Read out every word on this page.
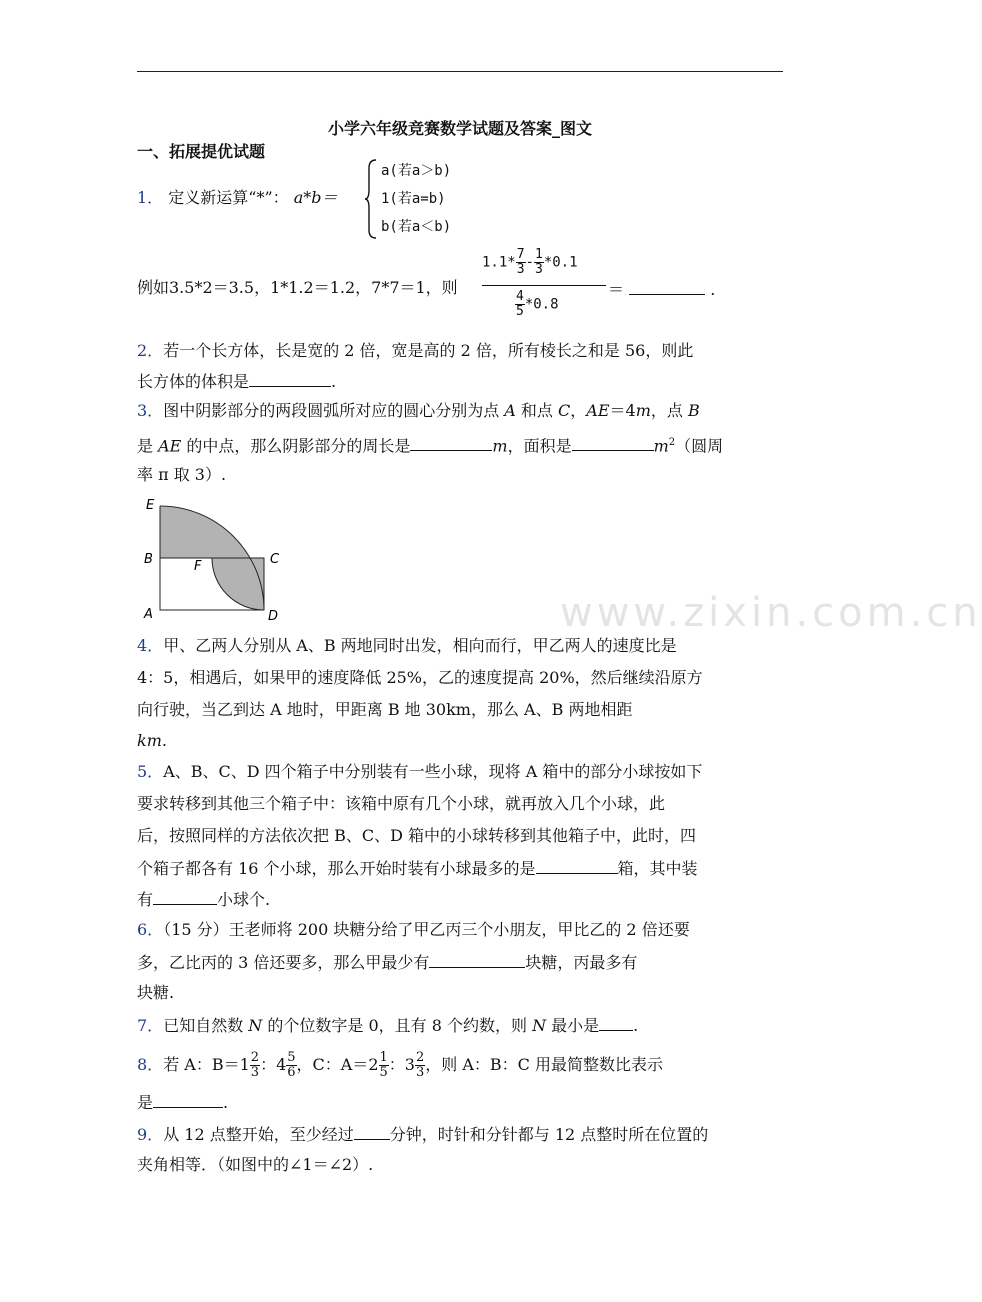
www.zixin.com.cn
小学六年级竞赛数学试题及答案_图文
一、拓展提优试题
1． 定义新运算“*”： a*b＝
a(若a＞b)
1(若a=b)
b(若a＜b)
例如3.5*2＝3.5，1*1.2＝1.2，7*7＝1，则
$1.1* \frac{7}{3} - \frac{1}{3} *0.1$
$\frac{4}{5} *0.8$
＝	.
2．若一个长方体，长是宽的 2 倍，宽是高的 2 倍，所有棱长之和是 56，则此
长方体的体积是	.
3．图中阴影部分的两段圆弧所对应的圆心分别为点 A 和点 C，AE＝4m，点 B
是 AE 的中点，那么阴影部分的周长是	m，面积是	$m^2$（圆周
率 π 取 3）.
E
B	F	C
A	D
4．甲、乙两人分别从 A、B 两地同时出发，相向而行，甲乙两人的速度比是
4：5，相遇后，如果甲的速度降低 25%，乙的速度提高 20%，然后继续沿原方
向行驶，当乙到达 A 地时，甲距离 B 地 30km，那么 A、B 两地相距
km.
5．A、B、C、D 四个箱子中分别装有一些小球，现将 A 箱中的部分小球按如下
要求转移到其他三个箱子中：该箱中原有几个小球，就再放入几个小球，此
后，按照同样的方法依次把 B、C、D 箱中的小球转移到其他箱子中，此时，四
个箱子都各有 16 个小球，那么开始时装有小球最多的是	箱，其中装
有	小球个.
6．（15 分）王老师将 200 块糖分给了甲乙丙三个小朋友，甲比乙的 2 倍还要
多，乙比丙的 3 倍还要多，那么甲最少有	块糖，丙最多有
块糖.
7．已知自然数 N 的个位数字是 0，且有 8 个约数，则 N 最小是 .
8．若 A：$B=1 \frac{2}{3}$ ：$4 \frac{5}{6}$ ，C：$A=2 \frac{1}{5}$ ：$3 \frac{2}{3}$ ，则 A：B：C 用最简整数比表示
是	.
9．从 12 点整开始，至少经过 分钟，时针和分针都与 12 点整时所在位置的
夹角相等．（如图中的∠1＝∠2）.
